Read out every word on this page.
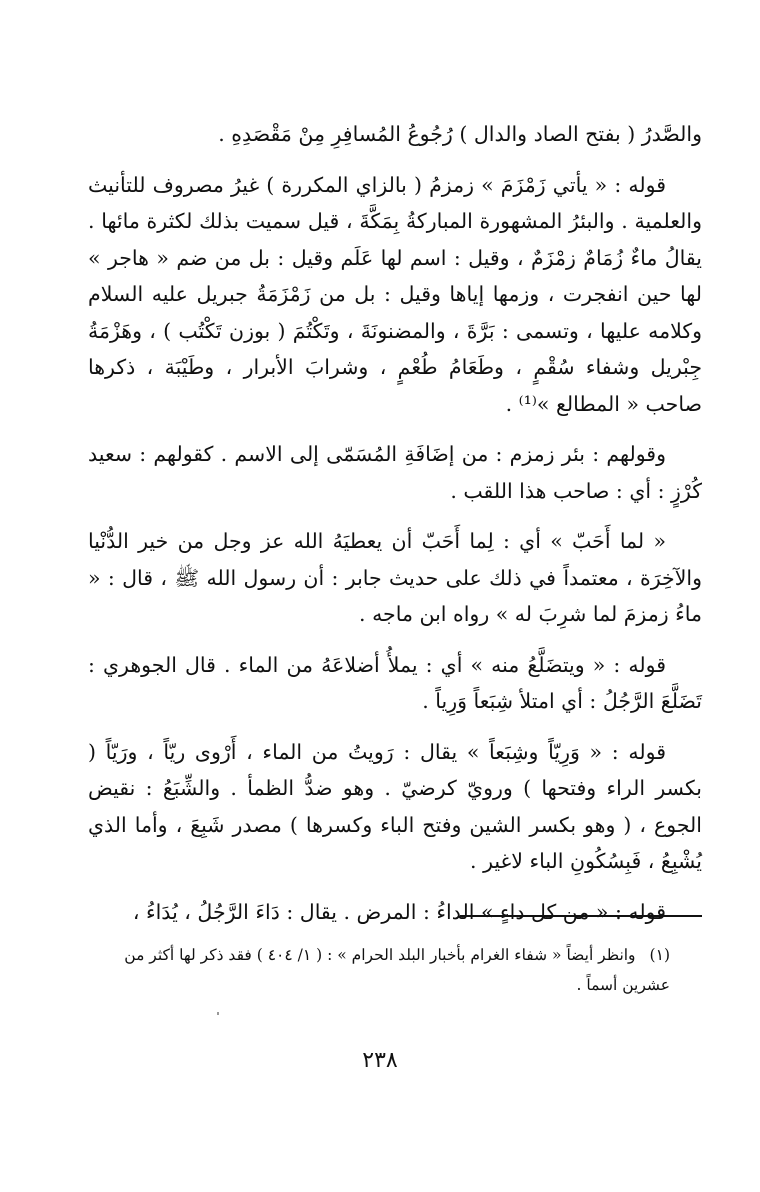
والصَّدرُ ( بفتح الصاد والدال ) رُجُوعُ المُسافِرِ مِنْ مَقْصَدِهِ .

قوله : « يأتي زَمْزَمَ » زمزمُ ( بالزاي المكررة ) غيرُ مصروف للتأنيث والعلمية . والبئرُ المشهورة المباركةُ بِمَكَّةَ ، قيل سميت بذلك لكثرة مائها . يقالُ ماءٌ زُمَامٌ زمْزَمٌ ، وقيل : اسم لها عَلَم وقيل : بل من ضم « هاجر » لها حين انفجرت ، وزمها إياها وقيل : بل من زَمْزَمَةُ جبريل عليه السلام وكلامه عليها ، وتسمى : بَرَّةَ ، والمضنونَةَ ، وتَكْتُمَ ( بوزن تَكْتُب ) ، وهَزْمَةُ جِبْريل وشفاء سُقْمٍ ، وطَعَامُ طُعْمٍ ، وشرابَ الأبرار ، وطَيْبَة ، ذكرها صاحب « المطالع »⁽¹⁾ .

وقولهم : بئر زمزم : من إضَافَةِ المُسَمّى إلى الاسم . كقولهم : سعيد كُرْزٍ : أي : صاحب هذا اللقب .

« لما أَحَبّ » أي : لِما أَحَبّ أن يعطيَهُ الله عز وجل من خير الدُّنْيا والآخِرَة ، معتمداً في ذلك على حديث جابر : أن رسول الله ﷺ ، قال : « ماءُ زمزمَ لما شرِبَ له » رواه ابن ماجه .

قوله : « ويتضَلَّعُ منه » أي : يملأُ أضلاعَهُ من الماء . قال الجوهري : تَضَلَّعَ الرَّجُلُ : أي امتلأ شِبَعاً وَرِياً .

قوله : « وَرِيّاً وشِبَعاً » يقال : رَويتُ من الماء ، أَرْوى ريّاً ، ورَيّاً ( بكسر الراء وفتحها ) ورويّ كرضيّ . وهو ضدُّ الظمأ . والشِّبَعُ : نقيض الجوع ، ( وهو بكسر الشين وفتح الباء وكسرها ) مصدر شَبِعَ ، وأما الذي يُشْبِعُ ، فَبِسُكُونِ الباء لاغير .

قوله : « من كل داءٍ » الداءُ : المرض . يقال : دَاءَ الرَّجُلُ ، يُدَاءُ ،

(١)وانظر أيضاً « شفاء الغرام بأخبار البلد الحرام » : ( ١/ ٤٠٤ ) فقد ذكر لها أكثر من عشرين أسماً .
٢٣٨
